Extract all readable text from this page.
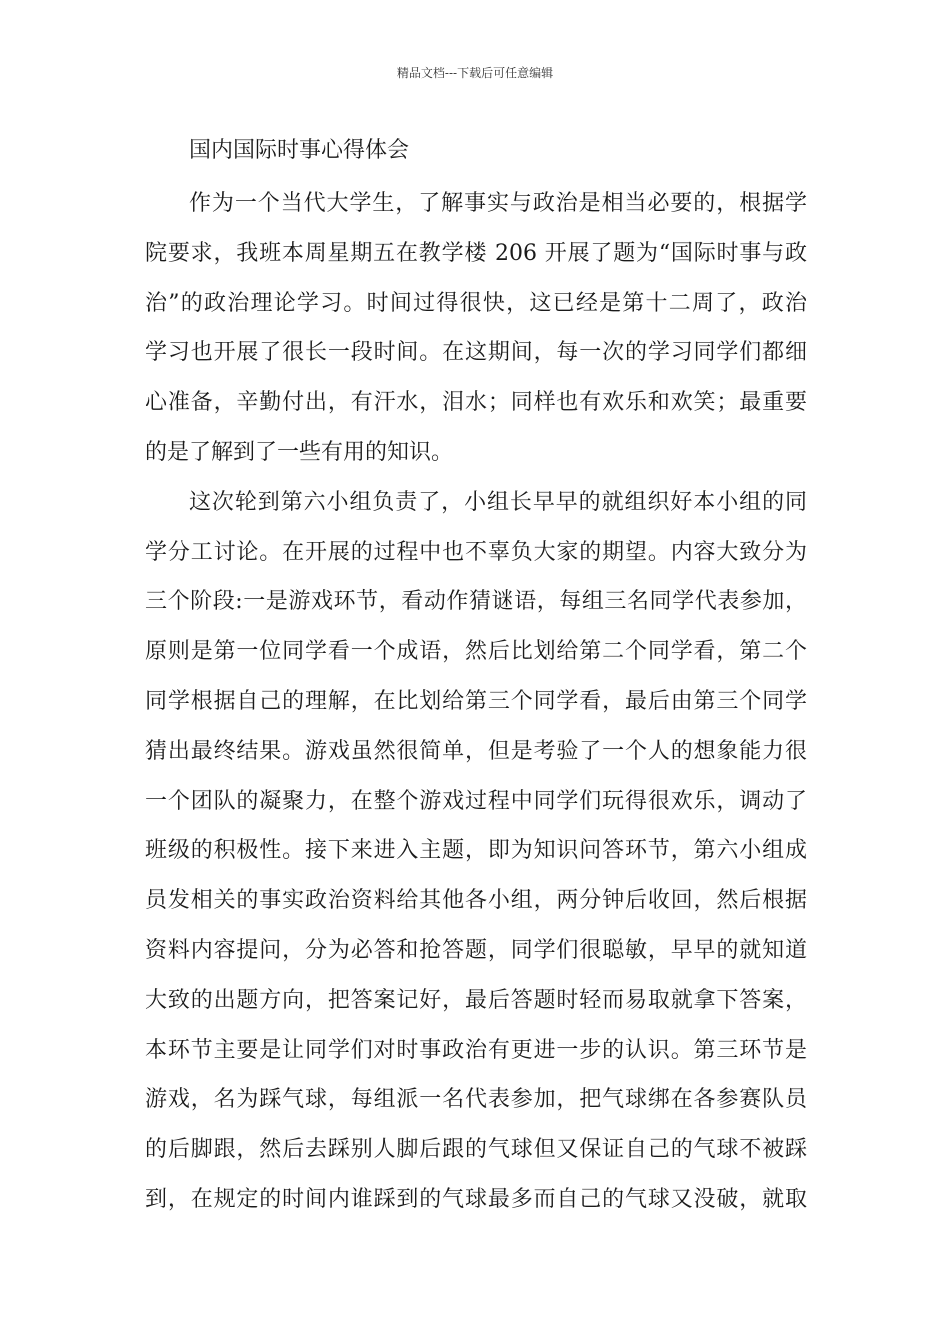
精品文档---下载后可任意编辑
国内国际时事心得体会
作为一个当代大学生，了解事实与政治是相当必要的，根据学
院要求，我班本周星期五在教学楼 206 开展了题为“国际时事与政
治”的政治理论学习。时间过得很快，这已经是第十二周了，政治
学习也开展了很长一段时间。在这期间，每一次的学习同学们都细
心准备，辛勤付出，有汗水，泪水；同样也有欢乐和欢笑；最重要
的是了解到了一些有用的知识。
这次轮到第六小组负责了，小组长早早的就组织好本小组的同
学分工讨论。在开展的过程中也不辜负大家的期望。内容大致分为
三个阶段:一是游戏环节，看动作猜谜语，每组三名同学代表参加，
原则是第一位同学看一个成语，然后比划给第二个同学看，第二个
同学根据自己的理解，在比划给第三个同学看，最后由第三个同学
猜出最终结果。游戏虽然很简单，但是考验了一个人的想象能力很
一个团队的凝聚力，在整个游戏过程中同学们玩得很欢乐，调动了
班级的积极性。接下来进入主题，即为知识问答环节，第六小组成
员发相关的事实政治资料给其他各小组，两分钟后收回，然后根据
资料内容提问，分为必答和抢答题，同学们很聪敏，早早的就知道
大致的出题方向，把答案记好，最后答题时轻而易取就拿下答案，
本环节主要是让同学们对时事政治有更进一步的认识。第三环节是
游戏，名为踩气球，每组派一名代表参加，把气球绑在各参赛队员
的后脚跟，然后去踩别人脚后跟的气球但又保证自己的气球不被踩
到，在规定的时间内谁踩到的气球最多而自己的气球又没破，就取
